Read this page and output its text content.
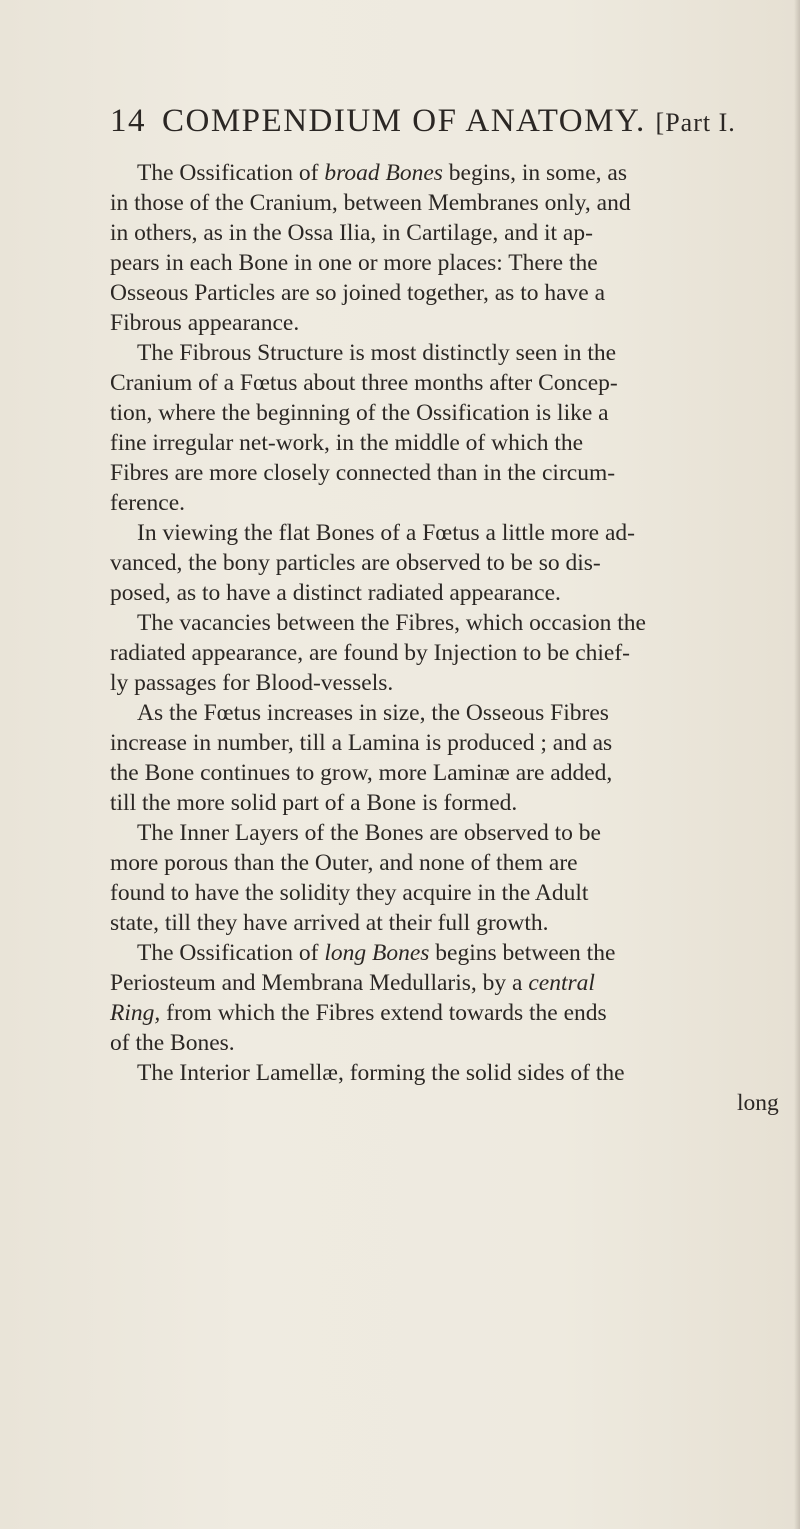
14 COMPENDIUM OF ANATOMY. [Part I.
The Ossification of broad Bones begins, in some, as
in those of the Cranium, between Membranes only, and
in others, as in the Ossa Ilia, in Cartilage, and it ap-
pears in each Bone in one or more places: There the
Osseous Particles are so joined together, as to have a
Fibrous appearance.
The Fibrous Structure is most distinctly seen in the
Cranium of a Fœtus about three months after Concep-
tion, where the beginning of the Ossification is like a
fine irregular net-work, in the middle of which the
Fibres are more closely connected than in the circum-
ference.
In viewing the flat Bones of a Fœtus a little more ad-
vanced, the bony particles are observed to be so dis-
posed, as to have a distinct radiated appearance.
The vacancies between the Fibres, which occasion the
radiated appearance, are found by Injection to be chief-
ly passages for Blood-vessels.
As the Fœtus increases in size, the Osseous Fibres
increase in number, till a Lamina is produced ; and as
the Bone continues to grow, more Laminæ are added,
till the more solid part of a Bone is formed.
The Inner Layers of the Bones are observed to be
more porous than the Outer, and none of them are
found to have the solidity they acquire in the Adult
state, till they have arrived at their full growth.
The Ossification of long Bones begins between the
Periosteum and Membrana Medullaris, by a central
Ring, from which the Fibres extend towards the ends
of the Bones.
The Interior Lamellæ, forming the solid sides of the
long
